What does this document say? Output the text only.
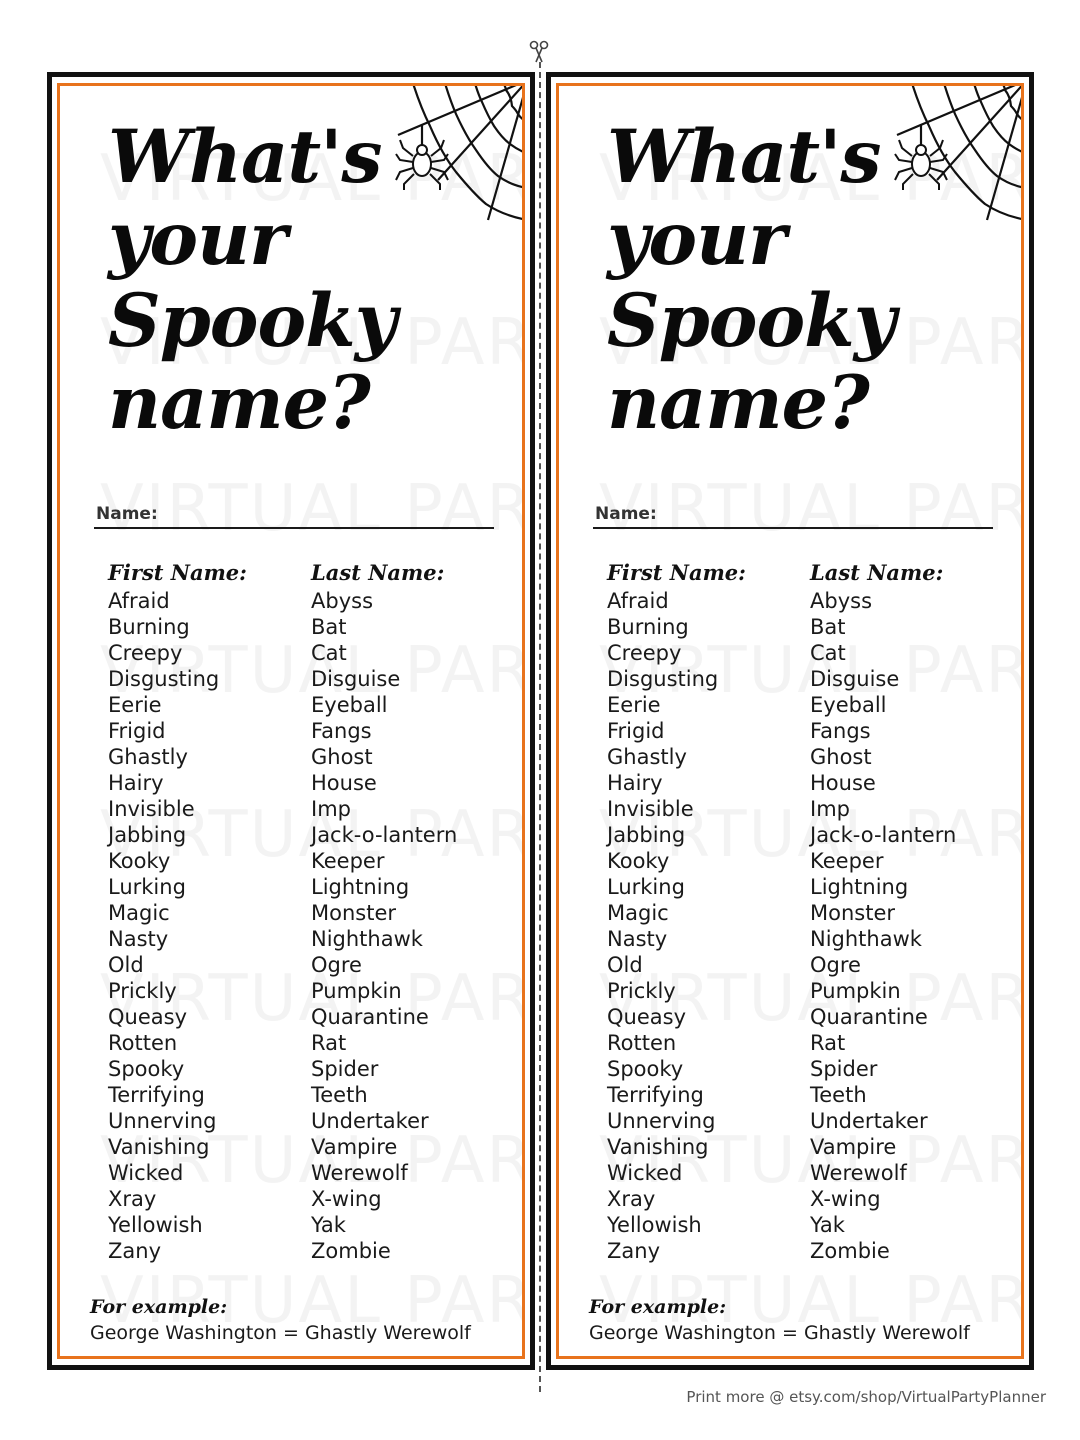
What's
your
Spooky
name?
Name:
First Name:
Afraid
Burning
Creepy
Disgusting
Eerie
Frigid
Ghastly
Hairy
Invisible
Jabbing
Kooky
Lurking
Magic
Nasty
Old
Prickly
Queasy
Rotten
Spooky
Terrifying
Unnerving
Vanishing
Wicked
Xray
Yellowish
Zany
Last Name:
Abyss
Bat
Cat
Disguise
Eyeball
Fangs
Ghost
House
Imp
Jack-o-lantern
Keeper
Lightning
Monster
Nighthawk
Ogre
Pumpkin
Quarantine
Rat
Spider
Teeth
Undertaker
Vampire
Werewolf
X-wing
Yak
Zombie
For example:
George Washington = Ghastly Werewolf
What's
your
Spooky
name?
Name:
First Name:
Afraid
Burning
Creepy
Disgusting
Eerie
Frigid
Ghastly
Hairy
Invisible
Jabbing
Kooky
Lurking
Magic
Nasty
Old
Prickly
Queasy
Rotten
Spooky
Terrifying
Unnerving
Vanishing
Wicked
Xray
Yellowish
Zany
Last Name:
Abyss
Bat
Cat
Disguise
Eyeball
Fangs
Ghost
House
Imp
Jack-o-lantern
Keeper
Lightning
Monster
Nighthawk
Ogre
Pumpkin
Quarantine
Rat
Spider
Teeth
Undertaker
Vampire
Werewolf
X-wing
Yak
Zombie
For example:
George Washington = Ghastly Werewolf
Print more @ etsy.com/shop/VirtualPartyPlanner
